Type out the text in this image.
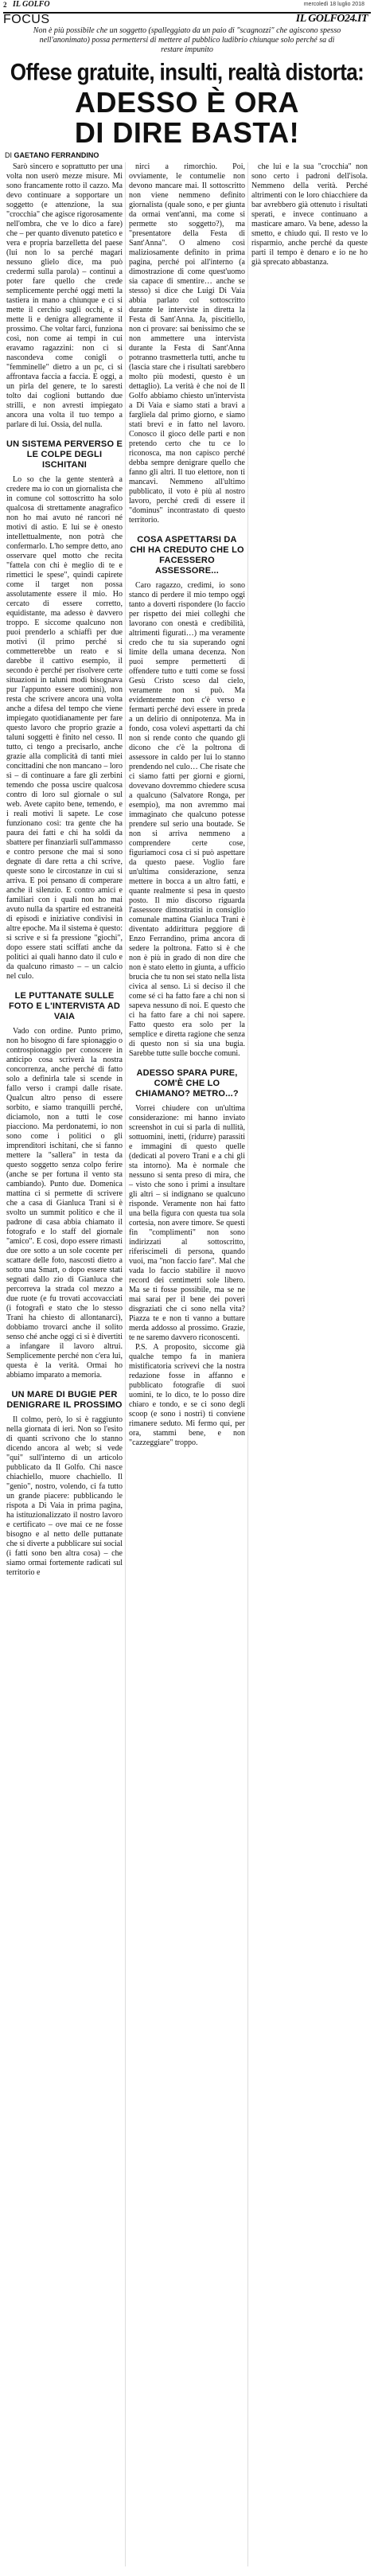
2 IL GOLFO	mercoledì 18 luglio 2018
FOCUS	IL GOLFO24.IT
Non è più possibile che un soggetto (spalleggiato da un paio di "scagnozzi" che agiscono spesso nell'anonimato) possa permettersi di mettere al pubblico ludibrio chiunque solo perché sa di restare impunito
Offese gratuite, insulti, realtà distorta:
ADESSO È ORA
DI DIRE BASTA!
DI GAETANO FERRANDINO

Sarò sincero e soprattutto per una volta non userò mezze misure. Mi sono francamente rotto il cazzo. Ma devo continuare a sopportare un soggetto (e attenzione, la sua "crocchia" che agisce rigorosamente nell'ombra, che ve lo dico a fare) che – per quanto divenuto patetico e vera e propria barzelletta del paese (lui non lo sa perché magari nessuno glielo dice, ma può credermi sulla parola) – continui a poter fare quello che crede semplicemente perché oggi metti la tastiera in mano a chiunque e ci si mette il cerchio sugli occhi, e si mette lì e denigra allegramente il prossimo. Che voltar farci, funziona così, non come ai tempi in cui eravamo ragazzini: non ci si nascondeva come conigli o "femminelle" dietro a un pc, ci si affrontava faccia a faccia. E oggi, a un pirla del genere, te lo saresti tolto dai coglioni buttando due strilli, e non avresti impiegato ancora una volta il tuo tempo a parlare di lui. Ossia, del nulla.

UN SISTEMA PERVERSO E LE COLPE DEGLI ISCHITANI

Lo so che la gente stenterà a credere ma io con un giornalista che in comune col sottoscritto ha solo qualcosa di strettamente anagrafico non ho mai avuto né rancori né motivi di astio. E lui se è onesto intellettualmente, non potrà che confermarlo. L'ho sempre detto, ano osservare quel motto che recita "fattela con chi è meglio di te e rimettici le spese", quindi capirete come il target non possa assolutamente essere il mio. Ho cercato di essere corretto, equidistante, ma adesso è davvero troppo. E siccome qualcuno non puoi prenderlo a schiaffi per due motivi (il primo perché si commetterebbe un reato e si darebbe il cattivo esempio, il secondo è perché per risolvere certe situazioni in taluni modi bisognava pur l'appunto essere uomini), non resta che scrivere ancora una volta anche a difesa del tempo che viene impiegato quotidianamente per fare questo lavoro che proprio grazie a taluni soggetti è finito nel cesso. Il tutto, ci tengo a precisarlo, anche grazie alla complicità di tanti miei concittadini che non mancano – loro sì – di continuare a fare gli zerbini temendo che possa uscire qualcosa contro di loro sul giornale o sul web. Avete capito bene, temendo, e i reali motivi li sapete. Le cose funzionano così: tra gente che ha paura dei fatti e chi ha soldi da sbattere per finanziarli sull'ammasso e contro persone che mai si sono degnate di dare retta a chi scrive, queste sono le circostanze in cui si arriva. E poi pensano di comperare anche il silenzio. E contro amici e familiari con i quali non ho mai avuto nulla da spartire ed estraneità di episodi e iniziative condivisi in altre epoche. Ma il sistema è questo: si scrive e si fa pressione "giochi", dopo essere stati sciffati anche da politici ai quali hanno dato il culo e da qualcuno rimasto – – un calcio nel culo.

LE PUTTANATE SULLE FOTO E L'INTERVISTA AD VAIA

Vado con ordine. Punto primo, non ho bisogno di fare spionaggio o controspionaggio per conoscere in anticipo cosa scriverà la nostra concorrenza, anche perché di fatto solo a definirla tale si scende in fallo verso i crampi dalle risate. Qualcun altro penso di essere sorbito, e siamo tranquilli perché, diciamolo, non a tutti le cose piacciono. Ma perdonatemi, io non sono come i politici o gli imprenditori ischitani, che si fanno mettere la "sallera" in testa da questo soggetto senza colpo ferire (anche se per fortuna il vento sta cambiando). Punto due. Domenica mattina ci si permette di scrivere che a casa di Gianluca Trani si è svolto un summit politico e che il padrone di casa abbia chiamato il fotografo e lo staff del giornale "amico". E così, dopo essere rimasti due ore sotto a un sole cocente per scattare delle foto, nascosti dietro a sotto una Smart, o dopo essere stati segnati dallo zio di Gianluca che percorreva la strada col mezzo a due ruote (e fu trovati accovacciati (i fotografi e stato che lo stesso Trani ha chiesto di allontanarci), dobbiamo trovarci anche il solito senso ché anche oggi ci si è divertiti a infangare il lavoro altrui. Semplicemente perché non c'era lui, questa è la verità. Ormai ho abbiamo imparato a memoria.

UN MARE DI BUGIE PER DENIGRARE IL PROSSIMO

Il colmo, però, lo si è raggiunto nella giornata di ieri. Non so l'esito di quanti scrivono che lo stanno dicendo ancora al web; si vede "qui" sull'interno di un articolo pubblicato da Il Golfo. Chi nasce chiachiello, muore chachiello. Il "genio", nostro, volendo, ci fa tutto un grande piacere: pubblicando le rispota a Di Vaia in prima pagina, ha istituzionalizzato il nostro lavoro e certificato – ove mai ce ne fosse bisogno e al netto delle puttanate che si diverte a pubblicare sui social (i fatti sono ben altra cosa) – che siamo ormai fortemente radicati sul territorio e

nirci a rimorchio. Poi, ovviamente, le contumelie non devono mancare mai. Il sottoscritto non viene nemmeno definito giornalista (quale sono, e per giunta da ormai vent'anni, ma come si permette sto soggetto?), ma "presentatore della Festa di Sant'Anna". O almeno così maliziosamente definito in prima pagina, perché poi all'interno (a dimostrazione di come quest'uomo sia capace di smentire… anche se stesso) si dice che Luigi Di Vaia abbia parlato col sottoscritto durante le interviste in diretta la Festa di Sant'Anna. Ja, piscitiello, non ci provare: sai benissimo che se non ammettere una intervista durante la Festa di Sant'Anna potranno trasmetterla tutti, anche tu (lascia stare che i risultati sarebbero molto più modesti, questo è un dettaglio). La verità è che noi de Il Golfo abbiamo chiesto un'intervista a Di Vaia e siamo stati a bravi a fargliela dal primo giorno, e siamo stati brevi e in fatto nel lavoro. Conosco il gioco delle parti e non pretendo certo che tu ce lo riconosca, ma non capisco perché debba sempre denigrare quello che fanno gli altri. Il tuo elettore, non ti mancavi. Nemmeno all'ultimo pubblicato, il voto è più al nostro lavoro, perché credi di essere il "dominus" incontrastato di questo territorio.

COSA ASPETTARSI DA CHI HA CREDUTO CHE LO FACESSERO ASSESSORE...

Caro ragazzo, credimi, io sono stanco di perdere il mio tempo oggi tanto a doverti rispondere (lo faccio per rispetto dei miei colleghi che lavorano con onestà e credibilità, altrimenti figurati…) ma veramente credo che tu sia superando ogni limite della umana decenza. Non puoi sempre permetterti di offendere tutto e tutti come se fossi Gesù Cristo sceso dal cielo, veramente non si può. Ma evidentemente non c'è verso e fermarti perché devi essere in preda a un delirio di onnipotenza. Ma in fondo, cosa volevi aspettarti da chi non si rende conto che quando gli dicono che c'è la poltrona di assessore in caldo per lui lo stanno prendendo nel culo… Che risate che ci siamo fatti per giorni e giorni, dovevano dovremmo chiedere scusa a qualcuno (Salvatore Ronga, per esempio), ma non avremmo mai immaginato che qualcuno potesse prendere sul serio una boutade. Se non si arriva nemmeno a comprendere certe cose, figuriamoci cosa ci si può aspettare da questo paese. Voglio fare un'ultima considerazione, senza mettere in bocca a un altro fatti, e quante realmente si pesa in questo posto. Il mio discorso riguarda l'assessore dimostratisi in consiglio comunale mattina Gianluca Trani è diventato addirittura peggiore di Enzo Ferrandino, prima ancora di sedere la poltrona. Fatto si è che non è più in grado di non dire che non è stato eletto in giunta, a ufficio brucia che tu non sei stato nella lista civica al senso. Lì si deciso il che come sé ci ha fatto fare a chi non si sapeva nessuno di noi. E questo che ci ha fatto fare a chi noi sapere. Fatto questo era solo per la semplice e diretta ragione che senza di questo non si sia una bugia. Sarebbe tutte sulle bocche comuni.

ADESSO SPARA PURE, COM'È CHE LO CHIAMANO? METRO...?

Vorrei chiudere con un'ultima considerazione: mi hanno inviato screenshot in cui si parla di nullità, sottuomini, inetti, (ridurre) parassiti e immagini di questo quelle (dedicati al povero Trani e a chi gli sta intorno). Ma è normale che nessuno si senta preso di mira, che – visto che sono i primi a insultare gli altri – si indignano se qualcuno risponde. Veramente non hai fatto una bella figura con questa tua sola cortesia, non avere timore. Se questi fin "complimenti" non sono indirizzati al sottoscritto, riferiscimeli di persona, quando vuoi, ma "non faccio fare". Mal che vada lo faccio stabilire il nuovo record dei centimetri sole libero. Ma se ti fosse possibile, ma se ne mai sarai per il bene dei poveri disgraziati che ci sono nella vita? Piazza te e non ti vanno a buttare merda addosso al prossimo. Grazie, te ne saremo davvero riconoscenti.

P.S. A proposito, siccome già qualche tempo fa in maniera mistificatoria scrivevi che la nostra redazione fosse in affanno e pubblicato fotografie di suoi uomini, te lo dico, te lo posso dire chiaro e tondo, e se ci sono degli scoop (e sono i nostri) ti conviene rimanere seduto. Mi fermo qui, per ora, stammi bene, e non "cazzeggiare" troppo.

che lui e la sua "crocchia" non sono certo i padroni dell'isola. Nemmeno della verità. Perché altrimenti con le loro chiacchiere da bar avrebbero già ottenuto i risultati sperati, e invece continuano a masticare amaro. Va bene, adesso la smetto, e chiudo qui. Il resto ve lo risparmio, anche perché da queste parti il tempo è denaro e io ne ho già sprecato abbastanza.
